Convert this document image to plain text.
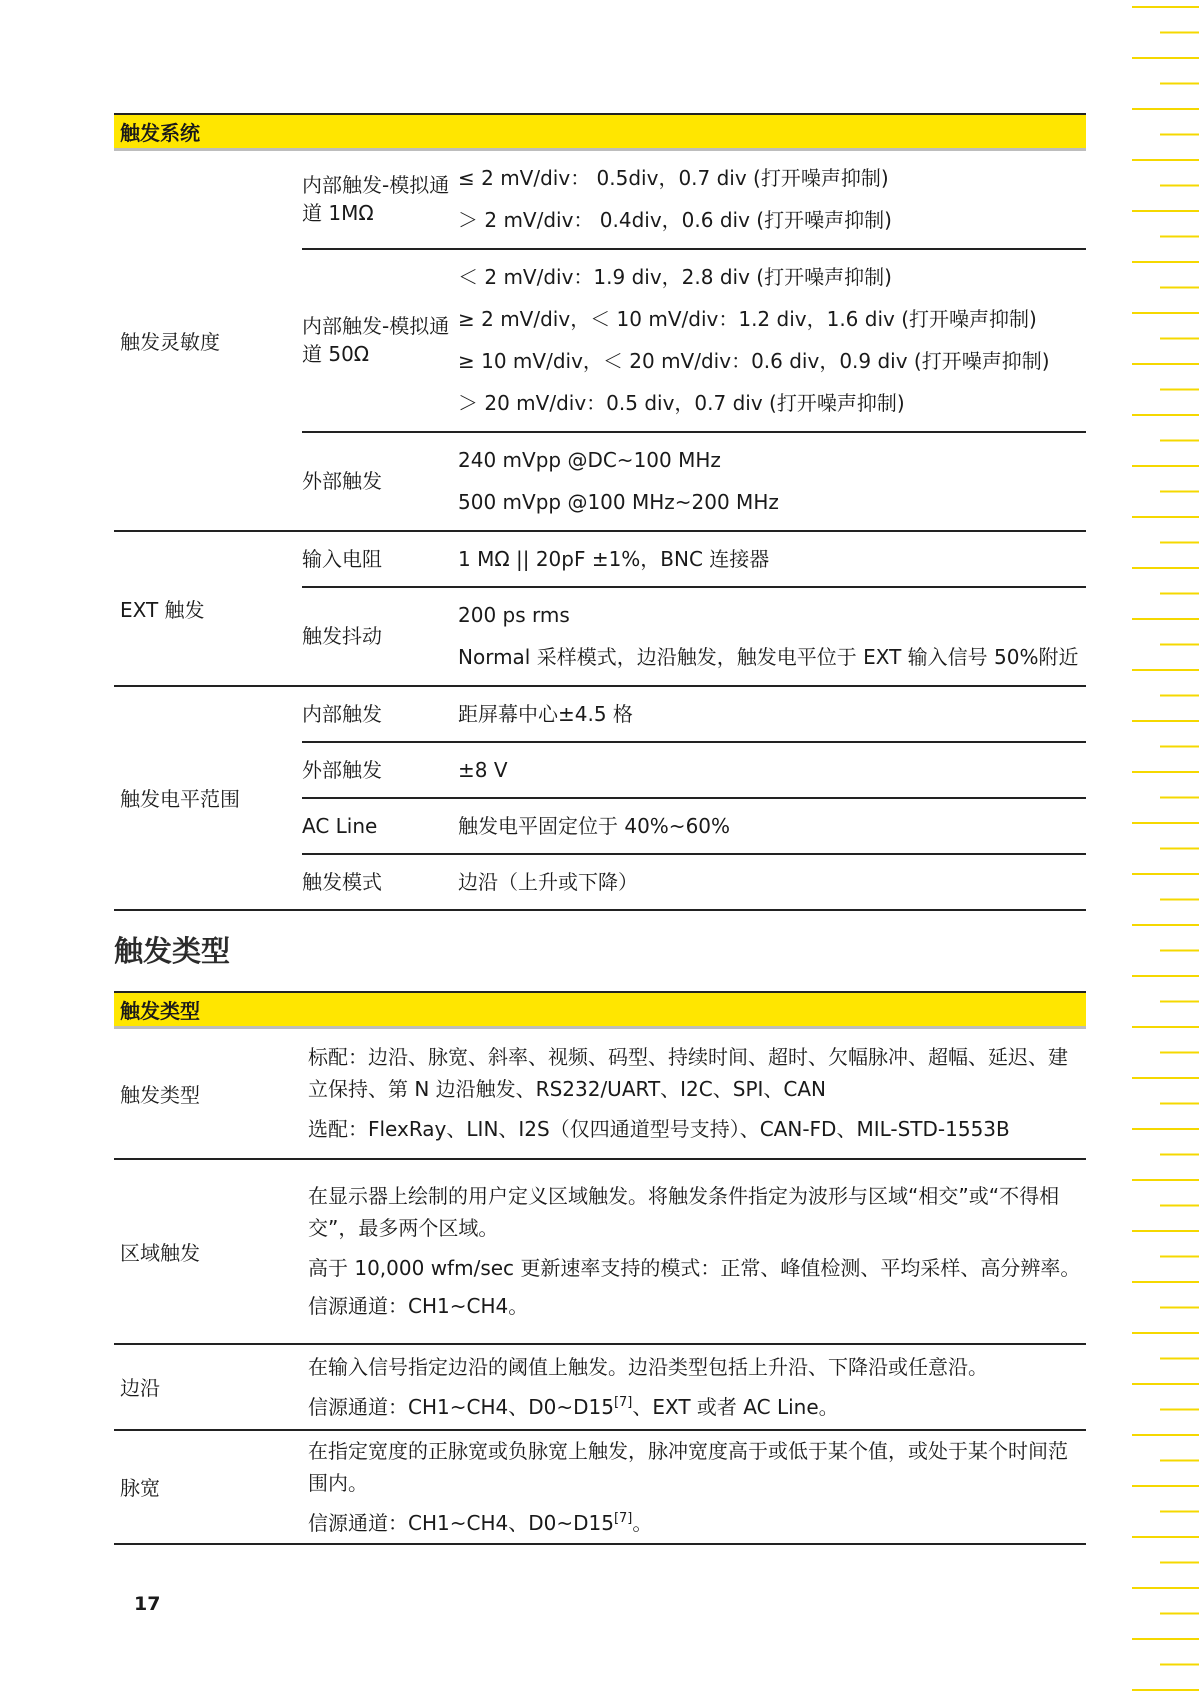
触发系统		
触发灵敏度	内部触发-模拟通道 1MΩ	≤ 2 mV/div： 0.5div，0.7 div (打开噪声抑制)
＞ 2 mV/div： 0.4div，0.6 div (打开噪声抑制)

	内部触发-模拟通道 50Ω	＜ 2 mV/div：1.9 div，2.8 div (打开噪声抑制)
≥ 2 mV/div，＜ 10 mV/div：1.2 div，1.6 div (打开噪声抑制)
≥ 10 mV/div，＜ 20 mV/div：0.6 div，0.9 div (打开噪声抑制)
＞ 20 mV/div：0.5 div，0.7 div (打开噪声抑制)

	外部触发	240 mVpp @DC~100 MHz
500 mVpp @100 MHz~200 MHz

EXT 触发	输入电阻	1 MΩ || 20pF ±1%，BNC 连接器

	触发抖动	200 ps rms
Normal 采样模式，边沿触发，触发电平位于 EXT 输入信号 50%附近

触发电平范围	内部触发	距屏幕中心±4.5 格

	外部触发	±8 V

	AC Line	触发电平固定位于 40%~60%

	触发模式	边沿（上升或下降）
触发类型
触发类型	
触发类型	标配：边沿、脉宽、斜率、视频、码型、持续时间、超时、欠幅脉冲、超幅、延迟、建立保持、第 N 边沿触发、RS232/UART、I2C、SPI、CAN
选配：FlexRay、LIN、I2S（仅四通道型号支持）、CAN-FD、MIL-STD-1553B

区域触发	在显示器上绘制的用户定义区域触发。将触发条件指定为波形与区域“相交”或“不得相交”，最多两个区域。
高于 10,000 wfm/sec 更新速率支持的模式：正常、峰值检测、平均采样、高分辨率。
信源通道：CH1~CH4。

边沿	在输入信号指定边沿的阈值上触发。边沿类型包括上升沿、下降沿或任意沿。
信源通道：CH1~CH4、D0~D15[7]、EXT 或者 AC Line。

脉宽	在指定宽度的正脉宽或负脉宽上触发，脉冲宽度高于或低于某个值，或处于某个时间范围内。
信源通道：CH1~CH4、D0~D15[7]。
17
